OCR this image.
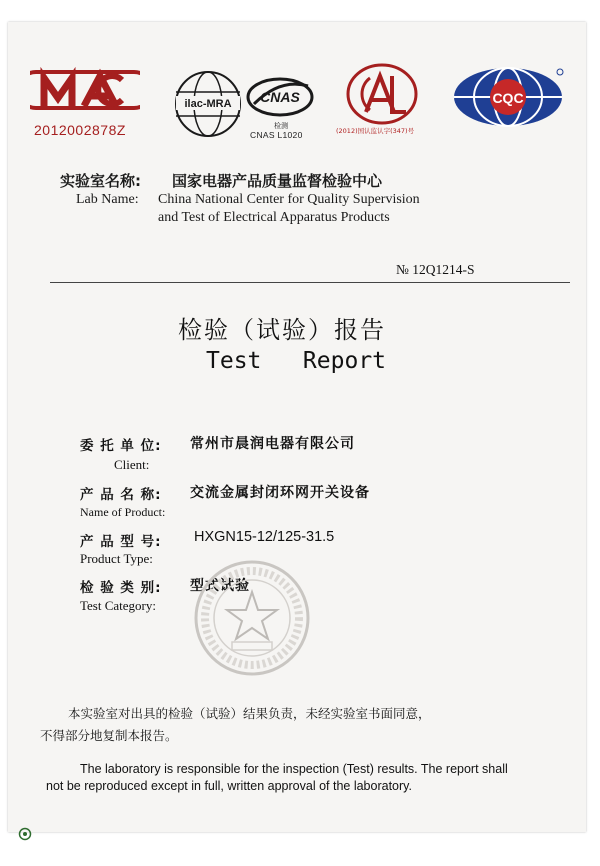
2012002878Z
ilac-MRA CNAS
检测
CNAS L1020	(2012)国认监认字(347)号
CQC
实验室名称: 国家电器产品质量监督检验中心
Lab Name: China National Center for Quality Supervision
and Test of Electrical Apparatus Products
№ 12Q1214-S
检验（试验）报告
Test   Report
委 托 单 位: 常州市晨润电器有限公司
Client:
产 品 名 称: 交流金属封闭环网开关设备
Name of Product:
产 品 型 号: HXGN15-12/125-31.5
Product Type:
检 验 类 别: 型式试验
Test Category:
本实验室对出具的检验（试验）结果负责，未经实验室书面同意，
不得部分地复制本报告。
The laboratory is responsible for the inspection (Test) results. The report shall
not be reproduced except in full, written approval of the laboratory.
